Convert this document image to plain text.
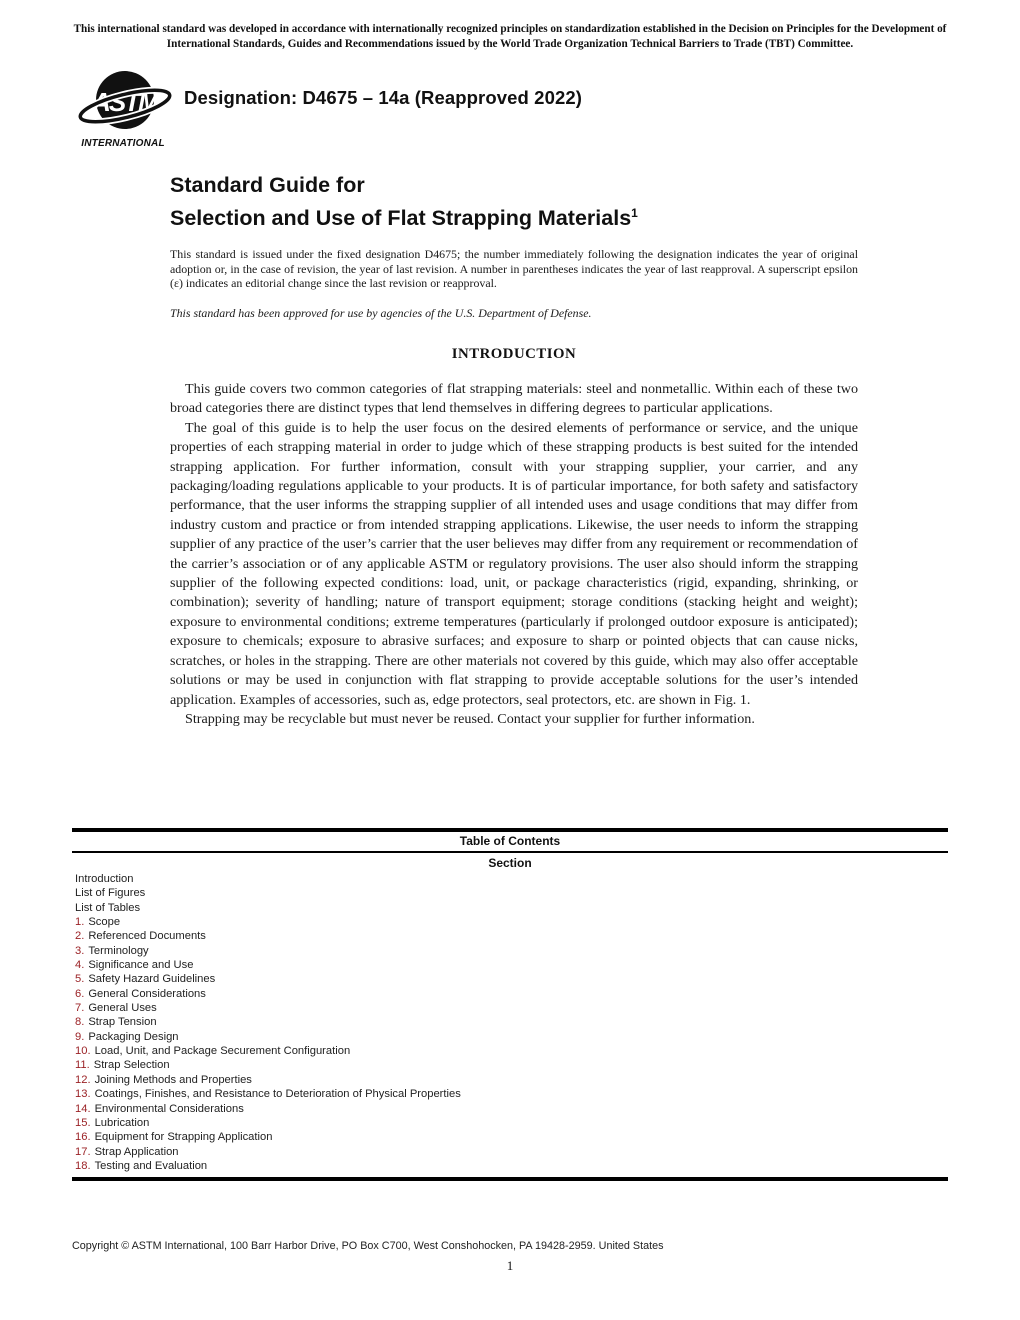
This international standard was developed in accordance with internationally recognized principles on standardization established in the Decision on Principles for the Development of International Standards, Guides and Recommendations issued by the World Trade Organization Technical Barriers to Trade (TBT) Committee.
ASTM
INTERNATIONAL
Designation: D4675 – 14a (Reapproved 2022)
Standard Guide for
Selection and Use of Flat Strapping Materials$^1$
This standard is issued under the fixed designation D4675; the number immediately following the designation indicates the year of original adoption or, in the case of revision, the year of last revision. A number in parentheses indicates the year of last reapproval. A superscript epsilon (ε) indicates an editorial change since the last revision or reapproval.
This standard has been approved for use by agencies of the U.S. Department of Defense.
INTRODUCTION

This guide covers two common categories of flat strapping materials: steel and nonmetallic. Within each of these two broad categories there are distinct types that lend themselves in differing degrees to particular applications.

The goal of this guide is to help the user focus on the desired elements of performance or service, and the unique properties of each strapping material in order to judge which of these strapping products is best suited for the intended strapping application. For further information, consult with your strapping supplier, your carrier, and any packaging/loading regulations applicable to your products. It is of particular importance, for both safety and satisfactory performance, that the user informs the strapping supplier of all intended uses and usage conditions that may differ from industry custom and practice or from intended strapping applications. Likewise, the user needs to inform the strapping supplier of any practice of the user’s carrier that the user believes may differ from any requirement or recommendation of the carrier’s association or of any applicable ASTM or regulatory provisions. The user also should inform the strapping supplier of the following expected conditions: load, unit, or package characteristics (rigid, expanding, shrinking, or combination); severity of handling; nature of transport equipment; storage conditions (stacking height and weight); exposure to environmental conditions; extreme temperatures (particularly if prolonged outdoor exposure is anticipated); exposure to chemicals; exposure to abrasive surfaces; and exposure to sharp or pointed objects that can cause nicks, scratches, or holes in the strapping. There are other materials not covered by this guide, which may also offer acceptable solutions or may be used in conjunction with flat strapping to provide acceptable solutions for the user’s intended application. Examples of accessories, such as, edge protectors, seal protectors, etc. are shown in Fig. 1.

Strapping may be recyclable but must never be reused. Contact your supplier for further information.

Table of Contents
Section
Introduction
List of Figures
List of Tables
1. Scope
2. Referenced Documents
3. Terminology
4. Significance and Use
5. Safety Hazard Guidelines
6. General Considerations
7. General Uses
8. Strap Tension
9. Packaging Design
10. Load, Unit, and Package Securement Configuration
11. Strap Selection
12. Joining Methods and Properties
13. Coatings, Finishes, and Resistance to Deterioration of Physical Properties
14. Environmental Considerations
15. Lubrication
16. Equipment for Strapping Application
17. Strap Application
18. Testing and Evaluation
Copyright © ASTM International, 100 Barr Harbor Drive, PO Box C700, West Conshohocken, PA 19428-2959. United States
1
